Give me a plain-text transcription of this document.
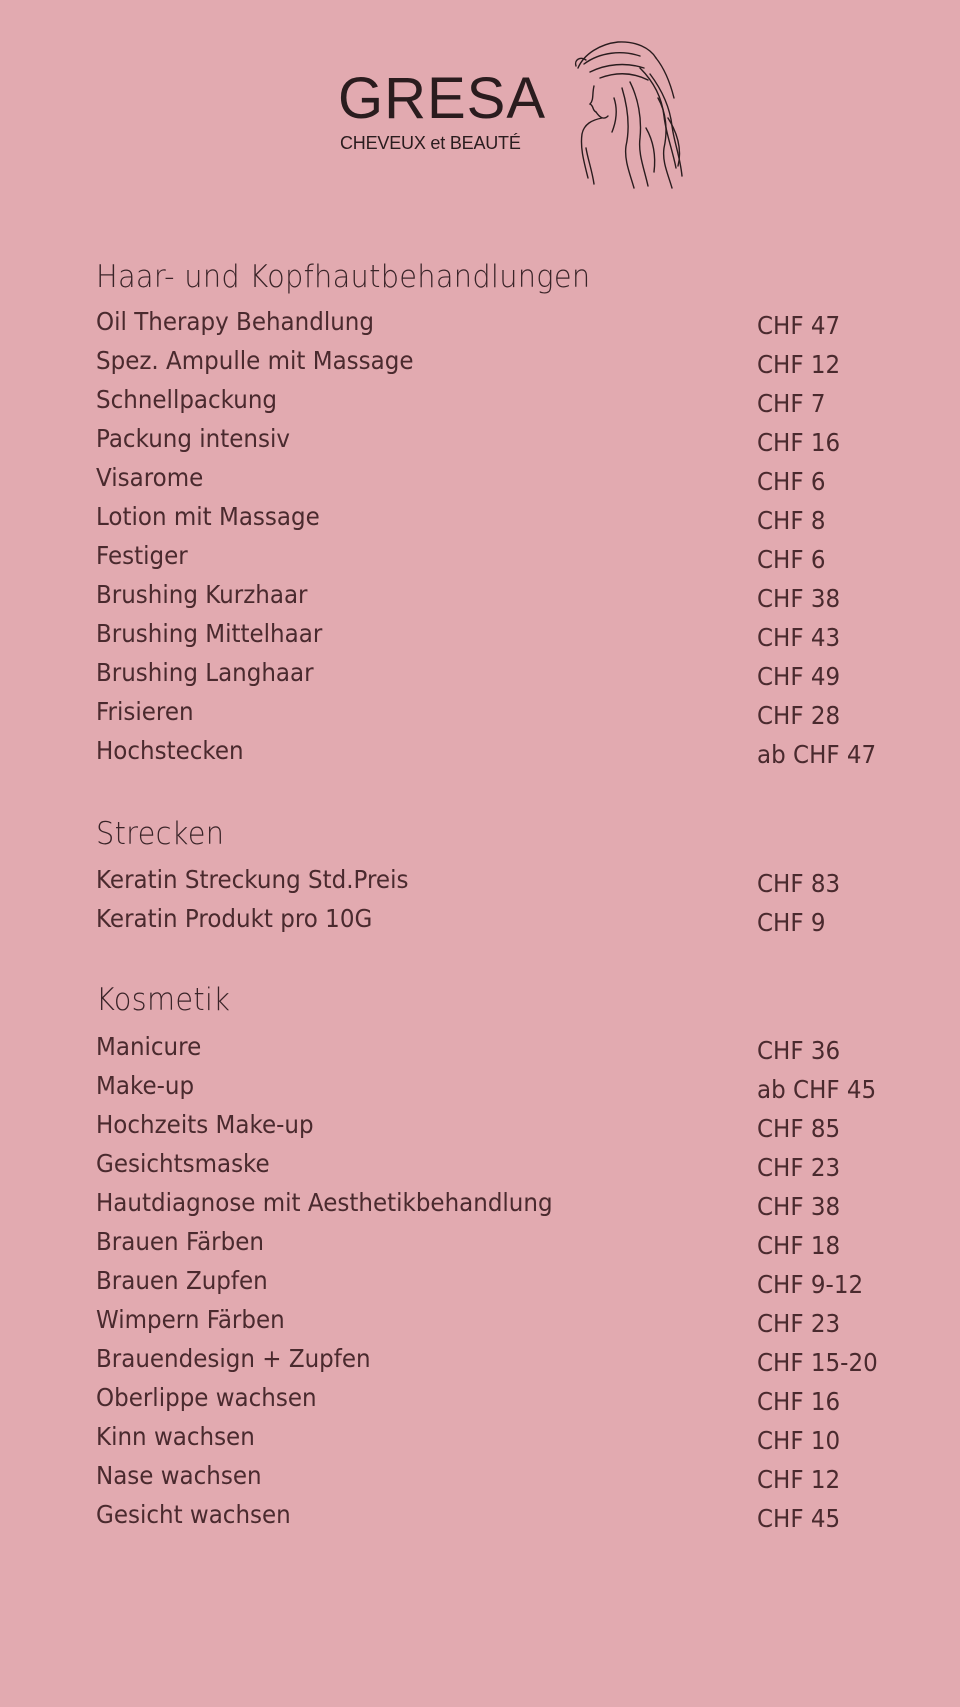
GRESA
CHEVEUX et BEAUTÉ
Haar- und Kopfhautbehandlungen
Oil Therapy Behandlung	CHF 47
Spez. Ampulle mit Massage	CHF 12
Schnellpackung	CHF 7
Packung intensiv	CHF 16
Visarome	CHF 6
Lotion mit Massage	CHF 8
Festiger	CHF 6
Brushing Kurzhaar	CHF 38
Brushing Mittelhaar	CHF 43
Brushing Langhaar	CHF 49
Frisieren	CHF 28
Hochstecken	ab CHF 47
Strecken
Keratin Streckung Std.Preis	CHF 83
Keratin Produkt pro 10G	CHF 9
Kosmetik
Manicure	CHF 36
Make-up	ab CHF 45
Hochzeits Make-up	CHF 85
Gesichtsmaske	CHF 23
Hautdiagnose mit Aesthetikbehandlung	CHF 38
Brauen Färben	CHF 18
Brauen Zupfen	CHF 9-12
Wimpern Färben	CHF 23
Brauendesign + Zupfen	CHF 15-20
Oberlippe wachsen	CHF 16
Kinn wachsen	CHF 10
Nase wachsen	CHF 12
Gesicht wachsen	CHF 45
